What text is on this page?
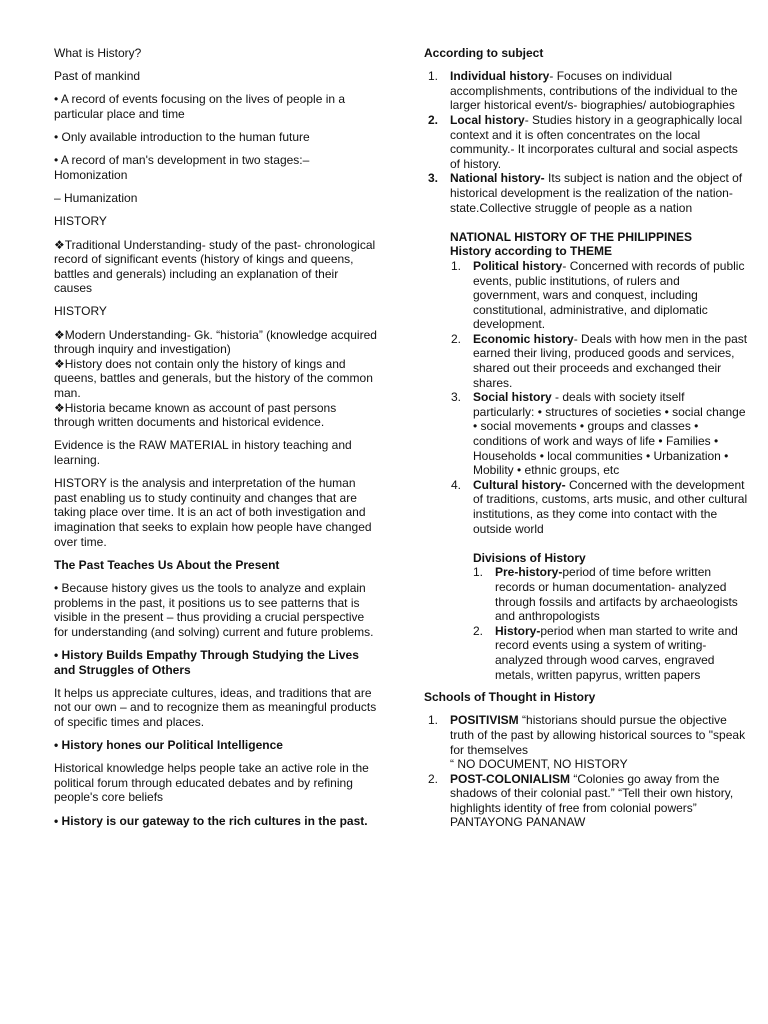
What is History?

Past of mankind

• A record of events focusing on the lives of people in a particular place and time

• Only available introduction to the human future

• A record of man's development in two stages:– Homonization

– Humanization

HISTORY

❖Traditional Understanding- study of the past- chronological record of significant events (history of kings and queens, battles and generals) including an explanation of their causes

HISTORY

❖Modern Understanding- Gk. “historia” (knowledge acquired through inquiry and investigation)
❖History does not contain only the history of kings and queens, battles and generals, but the history of the common man.
❖Historia became known as account of past persons through written documents and historical evidence.

Evidence is the RAW MATERIAL in history teaching and learning.

HISTORY is the analysis and interpretation of the human past enabling us to study continuity and changes that are taking place over time. It is an act of both investigation and imagination that seeks to explain how people have changed over time.

The Past Teaches Us About the Present

• Because history gives us the tools to analyze and explain problems in the past, it positions us to see patterns that is visible in the present – thus providing a crucial perspective for understanding (and solving) current and future problems.

• History Builds Empathy Through Studying the Lives and Struggles of Others

It helps us appreciate cultures, ideas, and traditions that are not our own – and to recognize them as meaningful products of specific times and places.

• History hones our Political Intelligence

Historical knowledge helps people take an active role in the political forum through educated debates and by refining people's core beliefs

• History is our gateway to the rich cultures in the past.

According to subject

1. Individual history- Focuses on individual accomplishments, contributions of the individual to the larger historical event/s- biographies/ autobiographies
2. Local history- Studies history in a geographically local context and it is often concentrates on the local community.- It incorporates cultural and social aspects of history.
3. National history- Its subject is nation and the object of historical development is the realization of the nation-state.Collective struggle of people as a nation
NATIONAL HISTORY OF THE PHILIPPINES
History according to THEME
1. Political history- Concerned with records of public events, public institutions, of rulers and government, wars and conquest, including constitutional, administrative, and diplomatic development.
2. Economic history- Deals with how men in the past earned their living, produced goods and services, shared out their proceeds and exchanged their shares.
3. Social history - deals with society itself particularly: • structures of societies • social change • social movements • groups and classes • conditions of work and ways of life • Families • Households • local communities • Urbanization • Mobility • ethnic groups, etc
4. Cultural history- Concerned with the development of traditions, customs, arts music, and other cultural institutions, as they come into contact with the outside world
Divisions of History
1. Pre-history-period of time before written records or human documentation- analyzed through fossils and artifacts by archaeologists and anthropologists
2. History-period when man started to write and record events using a system of writing- analyzed through wood carves, engraved metals, written papyrus, written papers

Schools of Thought in History

1. POSITIVISM “historians should pursue the objective truth of the past by allowing historical sources to "speak for themselves
“ NO DOCUMENT, NO HISTORY
2. POST-COLONIALISM “Colonies go away from the shadows of their colonial past.” “Tell their own history, highlights identity of free from colonial powers” PANTAYONG PANANAW
